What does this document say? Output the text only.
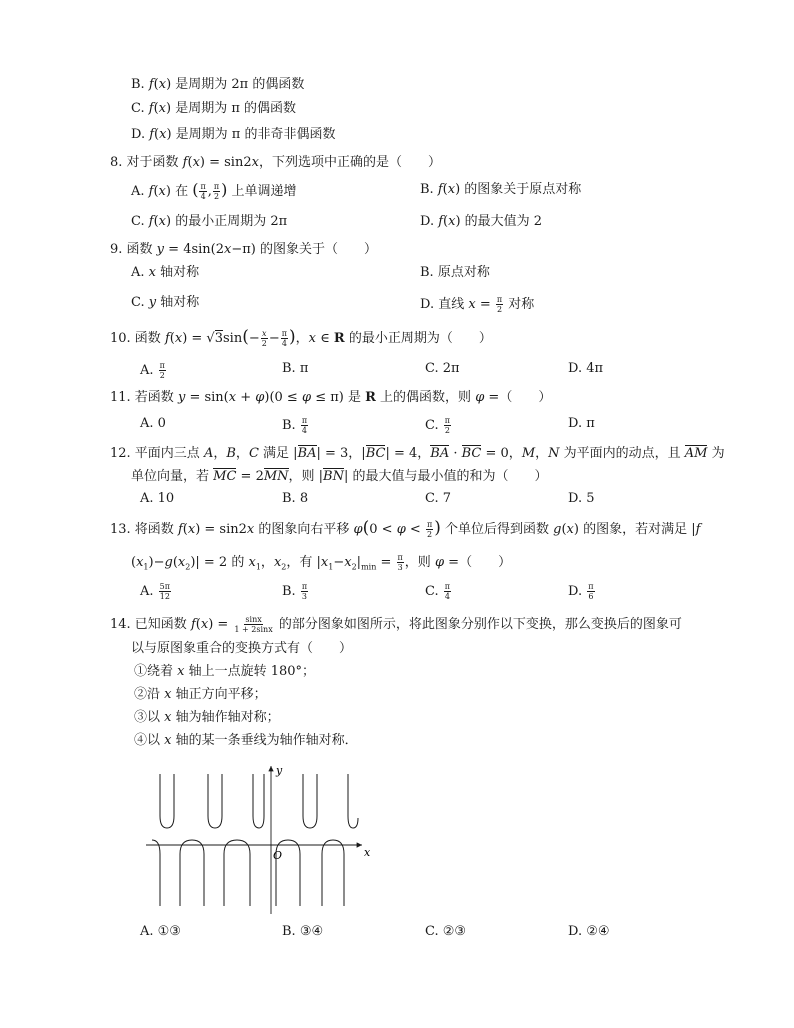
B. f(x) 是周期为 2π 的偶函数
C. f(x) 是周期为 π 的偶函数
D. f(x) 是周期为 π 的非奇非偶函数
8. 对于函数 f(x) = sin2x，下列选项中正确的是（　　）
A. f(x) 在 ( $\frac{\pi}{4}$ , $\frac{\pi}{2}$ ) 上单调递增	B. f(x) 的图象关于原点对称
C. f(x) 的最小正周期为 2π	D. f(x) 的最大值为 2
9. 函数 y = 4sin(2x−π) 的图象关于（　　）
A. x 轴对称	B. 原点对称
C. y 轴对称	D. 直线 $x = \frac{\pi}{2}$ 对称
10. 函数 $f(x) = √3\sin(- \frac{x}{2} - \frac{\pi}{4}$ )，x ∈ R 的最小正周期为（　　）
A. $\frac{\pi}{2}$	B. π	C. 2π	D. 4π
11. 若函数 y = sin(x + φ)(0 ≤ φ ≤ π) 是 R 上的偶函数，则 φ =（　　）
A. 0	B. $\frac{\pi}{4}$	C. $\frac{\pi}{2}$	D. π
12. 平面内三点 A，B，C 满足 |BA| = 3，|BC| = 4，BA · BC = 0，M，N 为平面内的动点，且 AM 为
单位向量，若 MC = 2MN，则 |BN| 的最大值与最小值的和为（　　）
A. 10	B. 8	C. 7	D. 5
13. 将函数 f(x) = sin2x 的图象向右平移 $\varphi(0 < \varphi < \frac{\pi}{2}$ ) 个单位后得到函数 g(x) 的图象，若对满足 |f
$(x_1)-g(x_2)| = 2$ 的 $x_1$，$x_2$，有 $|x_1-x_2|_{min} = \frac{\pi}{3}$ ，则 φ =（　　）
A. $\frac{5\pi}{12}$	B. $\frac{\pi}{3}$	C. $\frac{\pi}{4}$	D. $\frac{\pi}{6}$
14. 已知函数 $f(x) = \frac{\sin x}{1 + 2\sin x}$ 的部分图象如图所示，将此图象分别作以下变换，那么变换后的图象可
以与原图象重合的变换方式有（　　）
①绕着 x 轴上一点旋转 180°；
②沿 x 轴正方向平移；
③以 x 轴为轴作轴对称；
④以 x 轴的某一条垂线为轴作轴对称．
x
y
O
A. ①③	B. ③④	C. ②③	D. ②④
